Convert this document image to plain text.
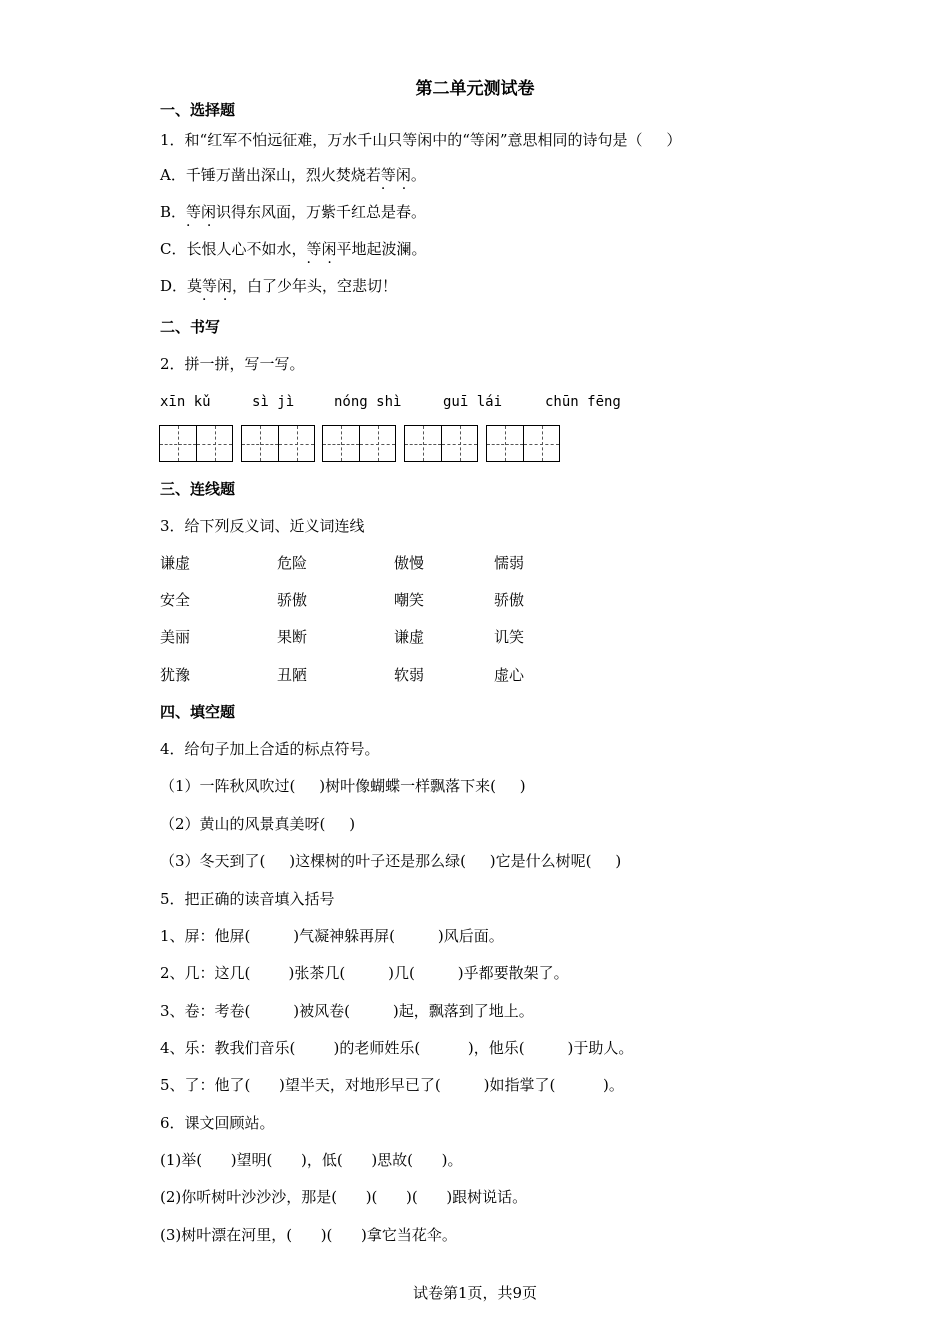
第二单元测试卷
一、选择题
1．和“红军不怕远征难，万水千山只等闲中的“等闲”意思相同的诗句是（     ）
A．千锤万凿出深山，烈火焚烧若等闲 · ·。
B．等闲 · ·识得东风面，万紫千红总是春。
C．长恨人心不如水，等闲 · ·平地起波澜。
D．莫等闲 · ·，白了少年头，空悲切！
二、书写
2．拼一拼，写一写。
xīn kǔ	sì jì	nóng shì	guī lái	chūn fēng
三、连线题
3．给下列反义词、近义词连线
谦虚	危险	傲慢	懦弱
安全	骄傲	嘲笑	骄傲
美丽	果断	谦虚	讥笑
犹豫	丑陋	软弱	虚心
四、填空题
4．给句子加上合适的标点符号。
（1）一阵秋风吹过(     )树叶像蝴蝶一样飘落下来(     )
（2）黄山的风景真美呀(     )
（3）冬天到了(     )这棵树的叶子还是那么绿(     )它是什么树呢(     )
5．把正确的读音填入括号
1、屏：他屏(         )气凝神躲再屏(         )风后面。
2、几：这几(        )张茶几(         )几(         )乎都要散架了。
3、卷：考卷(         )被风卷(         )起，飘落到了地上。
4、乐：教我们音乐(        )的老师姓乐(          )，他乐(         )于助人。
5、了：他了(      )望半天，对地形早已了(         )如指掌了(          )。
6．课文回顾站。
(1)举(      )望明(      )，低(      )思故(      )。
(2)你听树叶沙沙沙，那是(      )(      )(      )跟树说话。
(3)树叶漂在河里，(      )(      )拿它当花伞。
试卷第1页，共9页
